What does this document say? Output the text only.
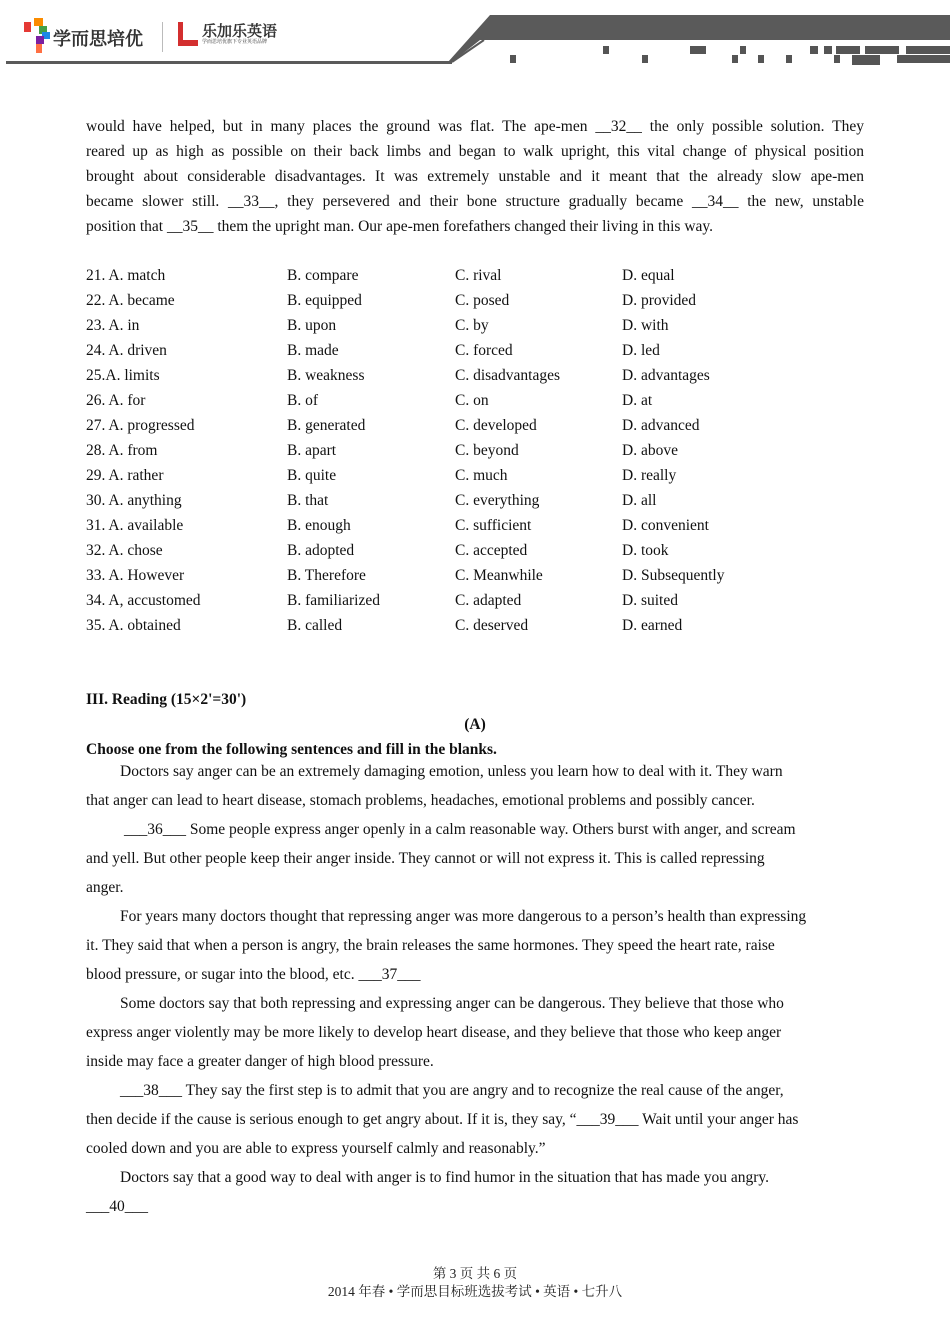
学而思培优	乐加乐英语
学而思培优旗下专业英语品牌
would have helped, but in many places the ground was flat. The ape-men __32__ the only possible solution. They
reared up as high as possible on their back limbs and began to walk upright, this vital change of physical position
brought about considerable disadvantages. It was extremely unstable and it meant that the already slow ape-men
became slower still. __33__, they persevered and their bone structure gradually became __34__ the new, unstable
position that __35__ them the upright man. Our ape-men forefathers changed their living in this way.
21. A. match	B. compare	C. rival	D. equal
22. A. became	B. equipped	C. posed	D. provided
23. A. in	B. upon	C. by	D. with
24. A. driven	B. made	C. forced	D. led
25.A. limits	B. weakness	C. disadvantages	D. advantages
26. A. for	B. of	C. on	D. at
27. A. progressed	B. generated	C. developed	D. advanced
28. A. from	B. apart	C. beyond	D. above
29. A. rather	B. quite	C. much	D. really
30. A. anything	B. that	C. everything	D. all
31. A. available	B. enough	C. sufficient	D. convenient
32. A. chose	B. adopted	C. accepted	D. took
33. A. However	B. Therefore	C. Meanwhile	D. Subsequently
34. A, accustomed	B. familiarized	C. adapted	D. suited
35. A. obtained	B. called	C. deserved	D. earned
III. Reading (15×2'=30')
(A)
Choose one from the following sentences and fill in the blanks.
Doctors say anger can be an extremely damaging emotion, unless you learn how to deal with it. They warn
that anger can lead to heart disease, stomach problems, headaches, emotional problems and possibly cancer.
___36___ Some people express anger openly in a calm reasonable way. Others burst with anger, and scream
and yell. But other people keep their anger inside. They cannot or will not express it. This is called repressing
anger.
For years many doctors thought that repressing anger was more dangerous to a person’s health than expressing
it. They said that when a person is angry, the brain releases the same hormones. They speed the heart rate, raise
blood pressure, or sugar into the blood, etc. ___37___
Some doctors say that both repressing and expressing anger can be dangerous. They believe that those who
express anger violently may be more likely to develop heart disease, and they believe that those who keep anger
inside may face a greater danger of high blood pressure.
___38___ They say the first step is to admit that you are angry and to recognize the real cause of the anger,
then decide if the cause is serious enough to get angry about. If it is, they say, “___39___ Wait until your anger has
cooled down and you are able to express yourself calmly and reasonably.”
Doctors say that a good way to deal with anger is to find humor in the situation that has made you angry.
___40___
第 3 页 共 6 页
2014 年春 • 学而思目标班选拔考试 • 英语 • 七升八
